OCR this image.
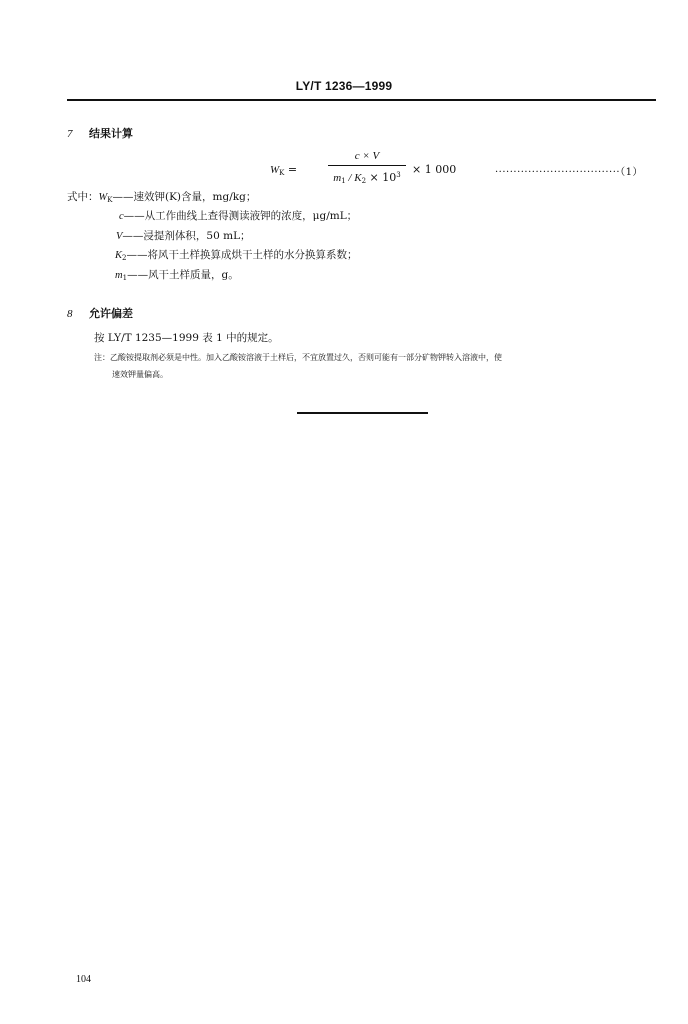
LY/T 1236—1999
7 结果计算
$W_K$ =
c × V
$m_1 / K_2 \times 10^3$	× 1 000	··································（1）
式中：$W_K——$速效钾(K)含量，mg/kg；
c——从工作曲线上查得测读液钾的浓度，μg/mL；
V——浸提剂体积，50 mL；
$K_2——$将风干土样换算成烘干土样的水分换算系数；
$m_1——$风干土样质量，g。
8 允许偏差
按 LY/T 1235—1999 表 1 中的规定。
注：乙酸铵提取剂必须是中性。加入乙酸铵溶液于土样后，不宜放置过久，否则可能有一部分矿物钾转入溶液中，使
速效钾量偏高。
104
